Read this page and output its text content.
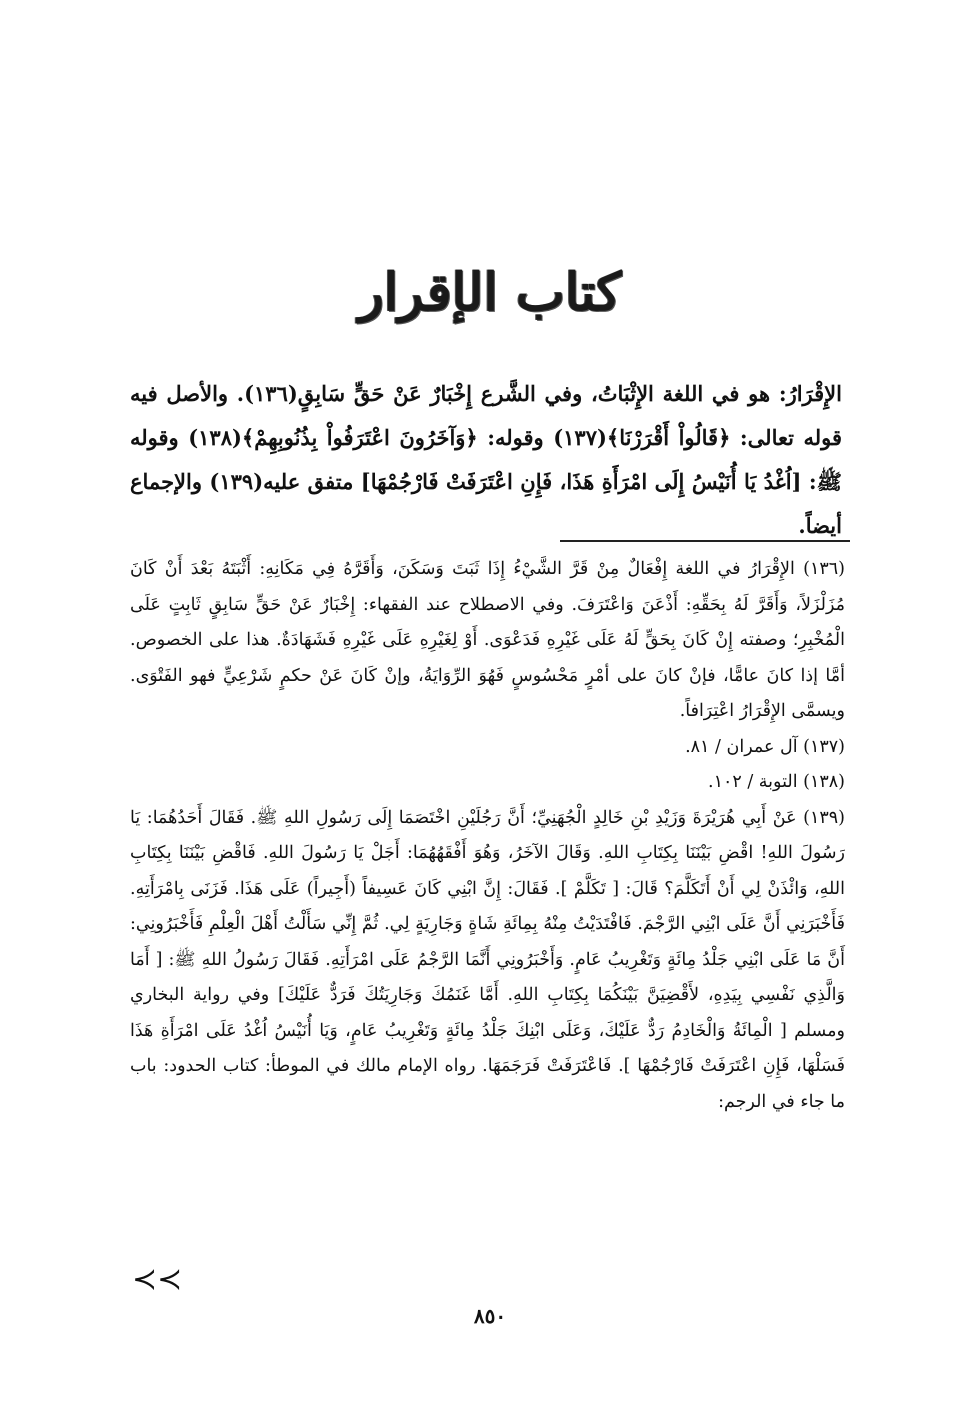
كتاب الإقرار

الإِقْرَارُ: هو في اللغة الإِثْبَاتُ، وفي الشَّرع إِخْبَارٌ عَنْ حَقٍّ سَابِقٍ(١٣٦). والأصل فيه قوله تعالى: ﴿قَالُواْ أَقْرَرْنَا﴾(١٣٧) وقوله: ﴿وَآخَرُونَ اعْتَرَفُواْ بِذُنُوبِهِمْ﴾(١٣٨) وقوله ﷺ: [اُغْدُ يَا أُنَيْسُ إِلَى امْرَأَةِ هَذَا، فَإِنِ اعْتَرَفَتْ فَارْجُمْهَا] متفق عليه(١٣٩) والإجماع أيضاً.

(١٣٦) الإِقْرَارُ في اللغة إِفْعَالٌ مِنْ قَرَّ الشَّيْءُ إِذَا ثَبَتَ وَسَكَنَ، وَأَقَرَّهُ فِي مَكَانِهِ: أَثْبَتَهُ بَعْدَ أَنْ كَانَ مُزَلْزَلاً، وَأَقَرَّ لَهُ بِحَقِّهِ: أَذْعَنَ وَاعْتَرَفَ. وفي الاصطلاح عند الفقهاء: إِخْبَارٌ عَنْ حَقٍّ سَابِقٍ ثَابِتٍ عَلَى الْمُخْبِرِ؛ وصفته إِنْ كَانَ بِحَقٍّ لَهُ عَلَى غَيْرِهِ فَدَعْوَى. أَوْ لِغَيْرِهِ عَلَى غَيْرِهِ فَشَهَادَةٌ. هذا على الخصوص. أمَّا إذا كانَ عامًّا، فإنْ كانَ على أمْرٍ مَحْسُوسٍ فَهُوَ الرِّوَايَةُ، وإنْ كَانَ عَنْ حكمٍ شَرْعِيٍّ فهو الفَتْوَى. ويسمَّى الإِقْرَارُ اعْتِرَافاً.

(١٣٧) آل عمران / ٨١.

(١٣٨) التوبة / ١٠٢.

(١٣٩) عَنْ أَبِي هُرَيْرَةَ وَزَيْدِ بْنِ خَالِدٍ الْجُهَنِيِّ؛ أَنَّ رَجُلَيْنِ اخْتَصَمَا إِلَى رَسُولِ اللهِ ﷺ. فَقَالَ أَحَدُهُمَا: يَا رَسُولَ اللهِ! اقْضِ بَيْنَنَا بِكِتَابِ اللهِ. وَقَالَ الآخَرُ، وَهُوَ أَفْقَهُهُمَا: أَجَلْ يَا رَسُولَ اللهِ. فَاقْضِ بَيْنَنَا بِكِتَابِ اللهِ، وَائْذَنْ لِي أَنْ أَتَكَلَّمَ؟ قَالَ: [ تَكَلَّمْ ]. فَقَالَ: إِنَّ ابْنِي كَانَ عَسِيفاً (أَجِيراً) عَلَى هَذَا. فَزَنَى بِامْرَأَتِهِ. فَأَخْبَرَنِي أَنَّ عَلَى ابْنِي الرَّجْمَ. فَافْتَدَيْتُ مِنْهُ بِمِائَةِ شَاةٍ وَجَارِيَةٍ لِي. ثُمَّ إِنِّي سَأَلْتُ أَهْلَ الْعِلْمِ فَأَخْبَرُونِي: أَنَّ مَا عَلَى ابْنِي جَلْدُ مِائَةٍ وَتَغْرِيبُ عَامٍ. وَأَخْبَرُونِي أَنَّمَا الرَّجْمُ عَلَى امْرَأَتِهِ. فَقَالَ رَسُولُ اللهِ ﷺ: [ أَمَا وَالَّذِي نَفْسِي بِيَدِهِ، لأَقْضِيَنَّ بَيْنَكُمَا بِكِتَابِ اللهِ. أَمَّا غَنَمُكَ وَجَارِيَتُكَ فَرَدٌّ عَلَيْكَ] وفي رواية البخاري ومسلم [ الْمِائَةُ وَالْخَادِمُ رَدٌّ عَلَيْكَ، وَعَلَى ابْنِكَ جَلْدُ مِائَةٍ وَتَغْرِيبُ عَامٍ، وَيَا أُنَيْسُ اُغْدُ عَلَى امْرَأَةِ هَذَا فَسَلْهَا، فَإِنِ اعْتَرَفَتْ فَارْجُمْهَا ]. فَاعْتَرَفَتْ فَرَجَمَهَا. رواه الإمام مالك في الموطأ: كتاب الحدود: باب ما جاء في الرجم:

≺≺
٨٥٠
